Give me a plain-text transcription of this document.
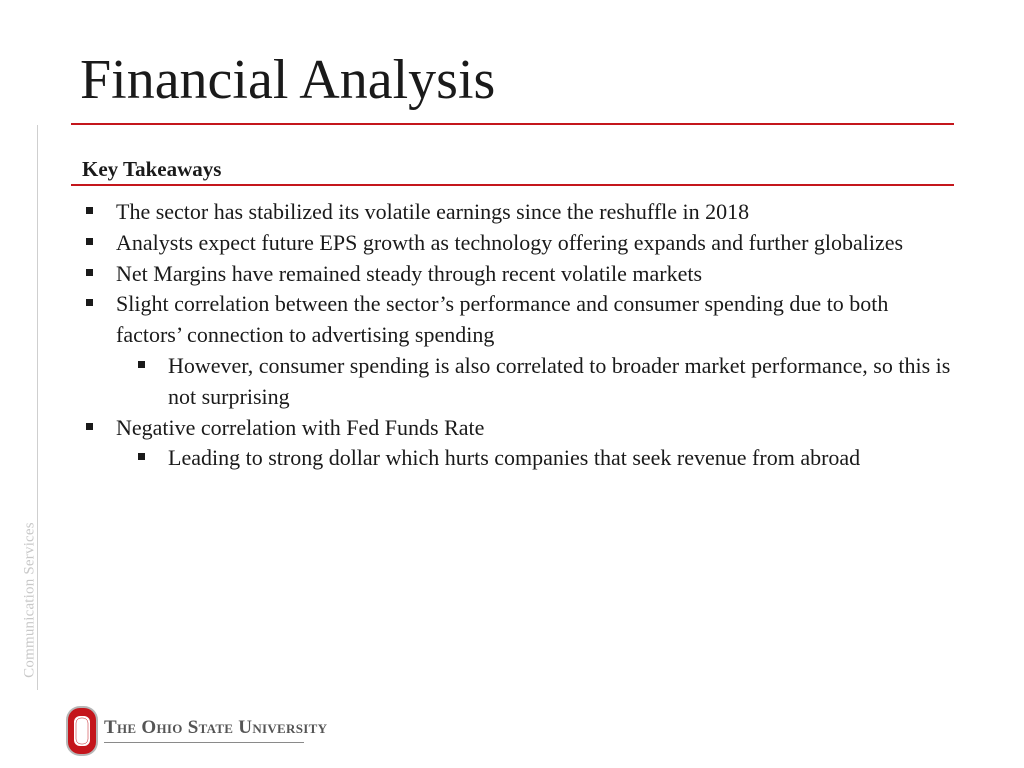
Financial Analysis
Communication Services
Key Takeaways
The sector has stabilized its volatile earnings since the reshuffle in 2018
Analysts expect future EPS growth as technology offering expands and further globalizes
Net Margins have remained steady through recent volatile markets
Slight correlation between the sector’s performance and consumer spending due to both factors’ connection to advertising spending
However, consumer spending is also correlated to broader market performance, so this is not surprising
Negative correlation with Fed Funds Rate
Leading to strong dollar which hurts companies that seek revenue from abroad
The Ohio State University
